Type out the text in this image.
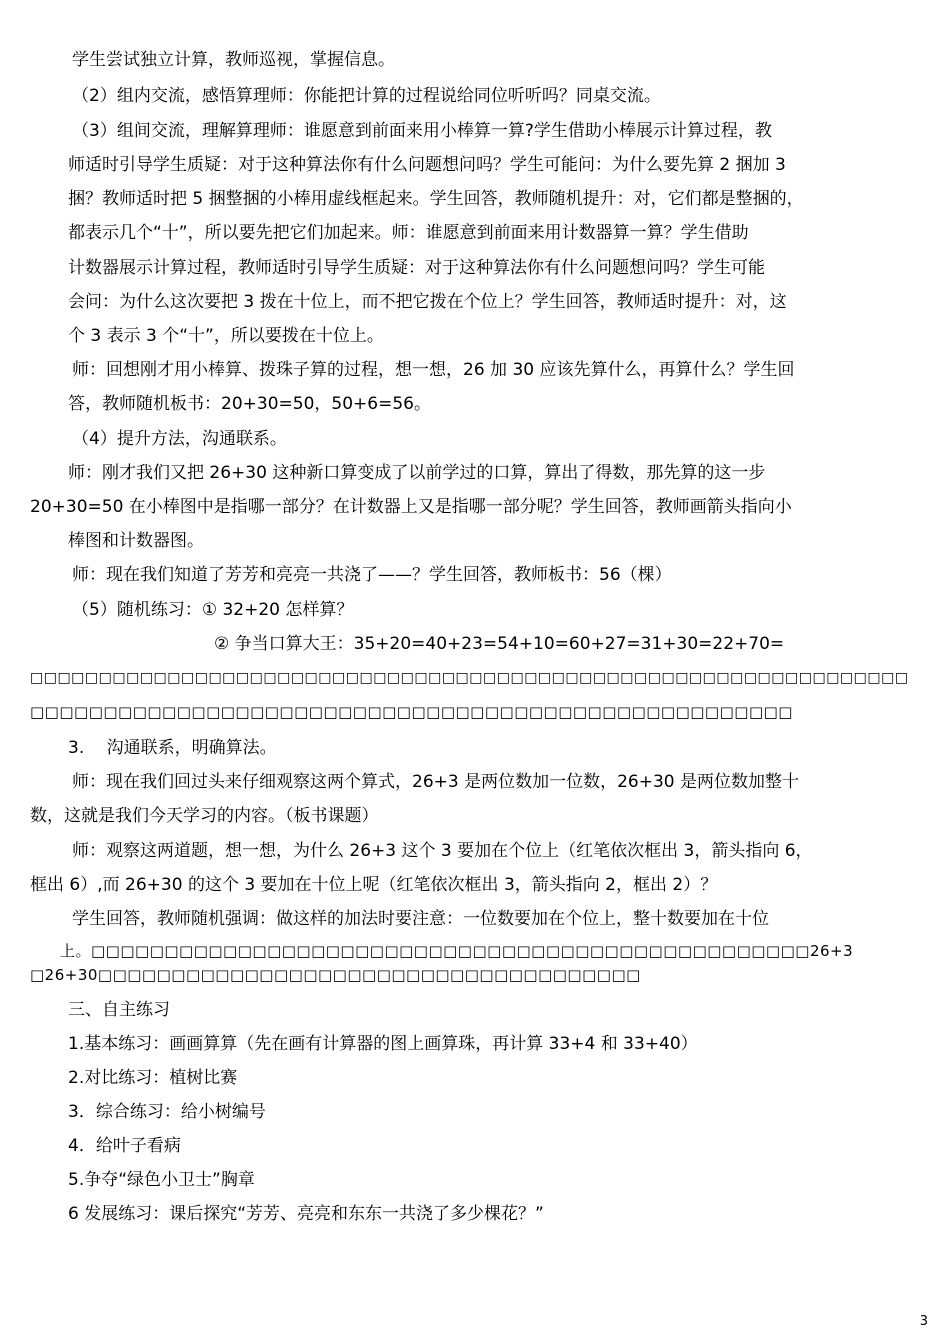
学生尝试独立计算，教师巡视，掌握信息。
（2）组内交流，感悟算理师：你能把计算的过程说给同位听听吗？同桌交流。
（3）组间交流，理解算理师：谁愿意到前面来用小棒算一算?学生借助小棒展示计算过程，教
师适时引导学生质疑：对于这种算法你有什么问题想问吗？学生可能问：为什么要先算 2 捆加 3
捆？教师适时把 5 捆整捆的小棒用虚线框起来。学生回答，教师随机提升：对，它们都是整捆的，
都表示几个“十”，所以要先把它们加起来。师：谁愿意到前面来用计数器算一算？学生借助
计数器展示计算过程，教师适时引导学生质疑：对于这种算法你有什么问题想问吗？学生可能
会问：为什么这次要把 3 拨在十位上，而不把它拨在个位上？学生回答，教师适时提升：对，这
个 3 表示 3 个“十”，所以要拨在十位上。
师：回想刚才用小棒算、拨珠子算的过程，想一想，26 加 30 应该先算什么，再算什么？学生回
答，教师随机板书：20+30=50，50+6=56。
（4）提升方法，沟通联系。
师：刚才我们又把 26+30 这种新口算变成了以前学过的口算，算出了得数，那先算的这一步
20+30=50 在小棒图中是指哪一部分？在计数器上又是指哪一部分呢？学生回答，教师画箭头指向小
棒图和计数器图。
师：现在我们知道了芳芳和亮亮一共浇了——？学生回答，教师板书：56（棵）
（5）随机练习：① 32+20 怎样算？
② 争当口算大王：35+20=40+23=54+10=60+27=31+30=22+70=
□□□□□□□□□□□□□□□□□□□□□□□□□□□□□□□□□□□□□□□□□□□□□□□□□□□□□□□□□□□□□□□□
□□□□□□□□□□□□□□□□□□□□□□□□□□□□□□□□□□□□□□□□□□□□□□□□□□□□
3.　 沟通联系，明确算法。
师：现在我们回过头来仔细观察这两个算式，26+3 是两位数加一位数，26+30 是两位数加整十
数，这就是我们今天学习的内容。（板书课题）
师：观察这两道题，想一想，为什么 26+3 这个 3 要加在个位上（红笔依次框出 3，箭头指向 6，
框出 6）,而 26+30 的这个 3 要加在十位上呢（红笔依次框出 3，箭头指向 2，框出 2）？
学生回答，教师随机强调：做这样的加法时要注意：一位数要加在个位上，整十数要加在十位
上。□□□□□□□□□□□□□□□□□□□□□□□□□□□□□□□□□□□□□□□□□□□□□□□□□26+3
□26+30□□□□□□□□□□□□□□□□□□□□□□□□□□□□□□□□□□□□□
三、自主练习
1.基本练习：画画算算（先在画有计算器的图上画算珠，再计算 33+4 和 33+40）
2.对比练习：植树比赛
3．综合练习：给小树编号
4．给叶子看病
5.争夺“绿色小卫士”胸章
6 发展练习：课后探究“芳芳、亮亮和东东一共浇了多少棵花？”
3
